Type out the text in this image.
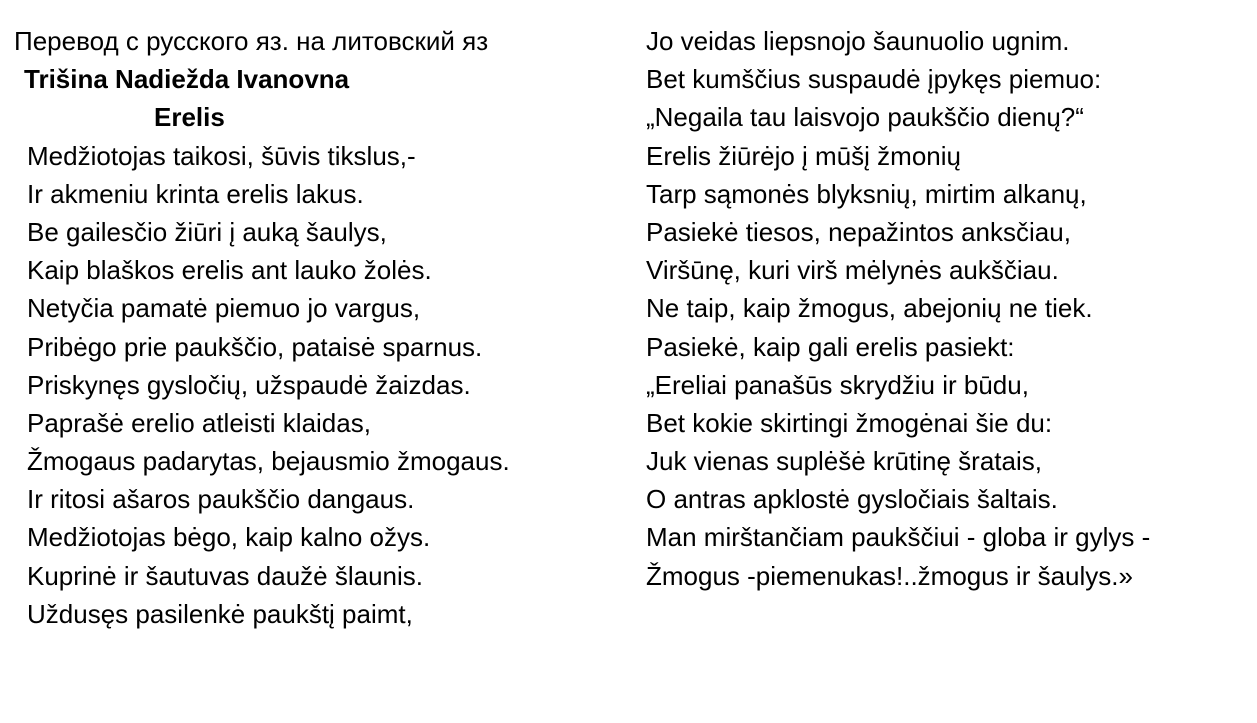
Перевод с русского яз. на литовский яз
Trišina Nadiežda Ivanovna
Erelis
Medžiotojas taikosi, šūvis tikslus,-
Ir akmeniu krinta erelis lakus.
Be gailesčio žiūri į auką šaulys,
Kaip blaškos erelis ant lauko žolės.
Netyčia pamatė piemuo jo vargus,
Pribėgo prie paukščio, pataisė sparnus.
Priskynęs gysločių, užspaudė žaizdas.
Paprašė erelio atleisti klaidas,
Žmogaus padarytas, bejausmio žmogaus.
Ir ritosi ašaros paukščio dangaus.
Medžiotojas bėgo, kaip kalno ožys.
Kuprinė ir šautuvas daužė šlaunis.
Uždusęs pasilenkė paukštį paimt,
Jo veidas liepsnojo šaunuolio ugnim.
Bet kumščius suspaudė įpykęs piemuo:
„Negaila tau laisvojo paukščio dienų?“
Erelis žiūrėjo į mūšį žmonių
Tarp sąmonės blyksnių, mirtim alkanų,
Pasiekė tiesos, nepažintos anksčiau,
Viršūnę, kuri virš mėlynės aukščiau.
Ne taip, kaip žmogus, abejonių ne tiek.
Pasiekė, kaip gali erelis pasiekt:
„Ereliai panašūs skrydžiu ir būdu,
Bet kokie skirtingi žmogėnai šie du:
Juk vienas suplėšė krūtinę šratais,
O antras apklostė gysločiais šaltais.
Man mirštančiam paukščiui - globa ir gylys -
Žmogus -piemenukas!..žmogus ir šaulys.»
